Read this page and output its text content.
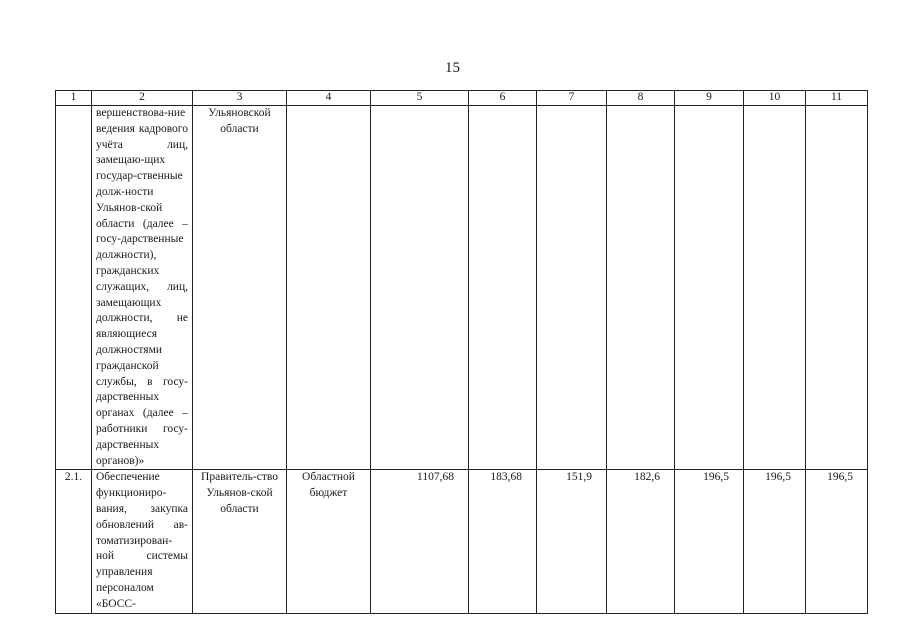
15
1	2	3	4	5	6	7	8	9	10	11
	вершенствова-ние ведения кадрового учёта лиц, замещаю-щих государ-ственные долж-ности Ульянов-ской области (далее – госу-дарственные должности), гражданских служащих, лиц, замещающих должности, не являющиеся должностями гражданской службы, в госу-дарственных органах (далее – работники госу-дарственных органов)»	Ульяновской области								
2.1.	Обеспечение функциониро-вания, закупка обновлений ав-томатизирован-ной системы управления персоналом «БОСС-	Правитель-ство Ульянов-ской области	Областной бюджет	1107,68	183,68	151,9	182,6	196,5	196,5	196,5
